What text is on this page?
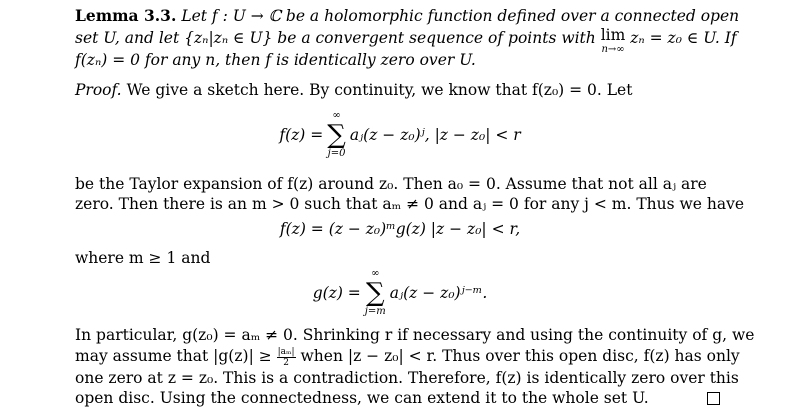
Lemma 3.3. Let f : U → ℂ be a holomorphic function defined over a connected open
set U, and let {zₙ|zₙ ∈ U} be a convergent sequence of points with lim
n→∞
zₙ = z₀ ∈ U. If
f(zₙ) = 0 for any n, then f is identically zero over U.
Proof. We give a sketch here. By continuity, we know that f(z₀) = 0. Let
f(z) =
∞
∑
j=0
aⱼ(z − z₀)ʲ, |z − z₀| < r
be the Taylor expansion of f(z) around z₀. Then a₀ = 0. Assume that not all aⱼ are
zero. Then there is an m > 0 such that aₘ ≠ 0 and aⱼ = 0 for any j < m. Thus we have
f(z) = (z − z₀)ᵐg(z) |z − z₀| < r,
where m ≥ 1 and
g(z) =
∞
∑
j=m
aⱼ(z − z₀)ʲ⁻ᵐ.
In particular, g(z₀) = aₘ ≠ 0. Shrinking r if necessary and using the continuity of g, we
may assume that $|g(z)| \ge \frac{\text{|aₘ|}}{2}$ when |z − z₀| < r. Thus over this open disc, f(z) has only
one zero at z = z₀. This is a contradiction. Therefore, f(z) is identically zero over this
open disc. Using the connectedness, we can extend it to the whole set U.
